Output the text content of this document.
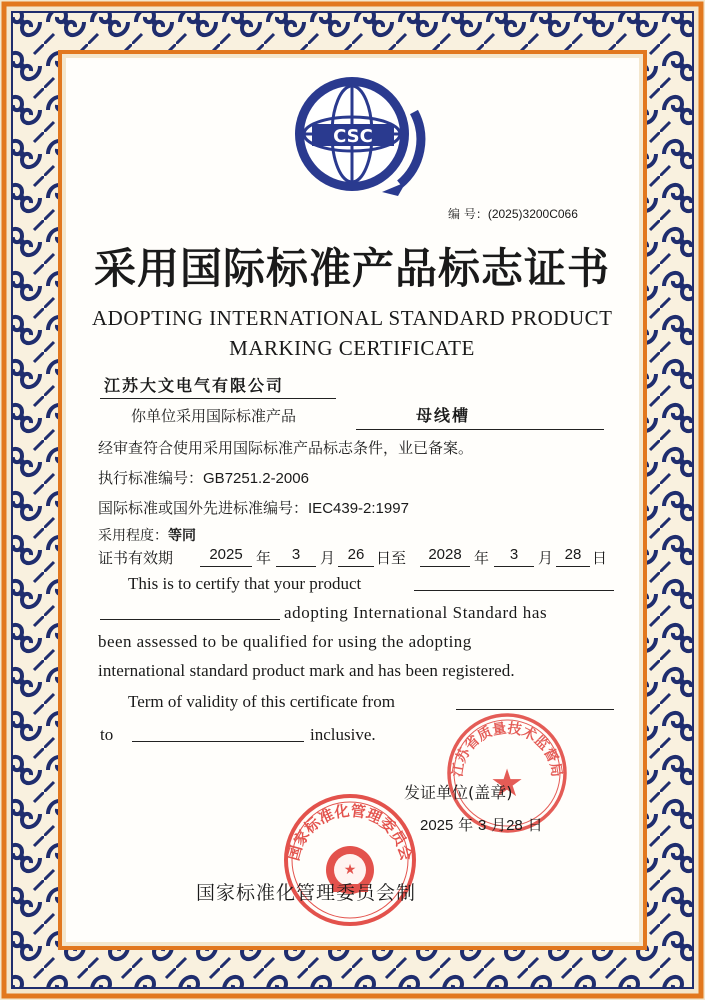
CSC
编 号：(2025)3200C066
采用国际标准产品标志证书
ADOPTING INTERNATIONAL STANDARD PRODUCT
MARKING CERTIFICATE
江苏大文电气有限公司
你单位采用国际标准产品	母线槽
经审查符合使用采用国际标准产品标志条件，业已备案。
执行标准编号：GB7251.2-2006
国际标准或国外先进标准编号：IEC439-2:1997
采用程度：等同
证书有效期	2025 年	3	月 26 日至	2028 年	3	月 28 日
This is to certify that your product
adopting International Standard has
been assessed to be qualified for using the adopting
international standard product mark and has been registered.
Term of validity of this certificate from
to	inclusive.
江苏省质量技术监督局
★
发证单位(盖章)
2025 年 3 月28 日
国家标准化管理委员会
★
国家标准化管理委员会制
